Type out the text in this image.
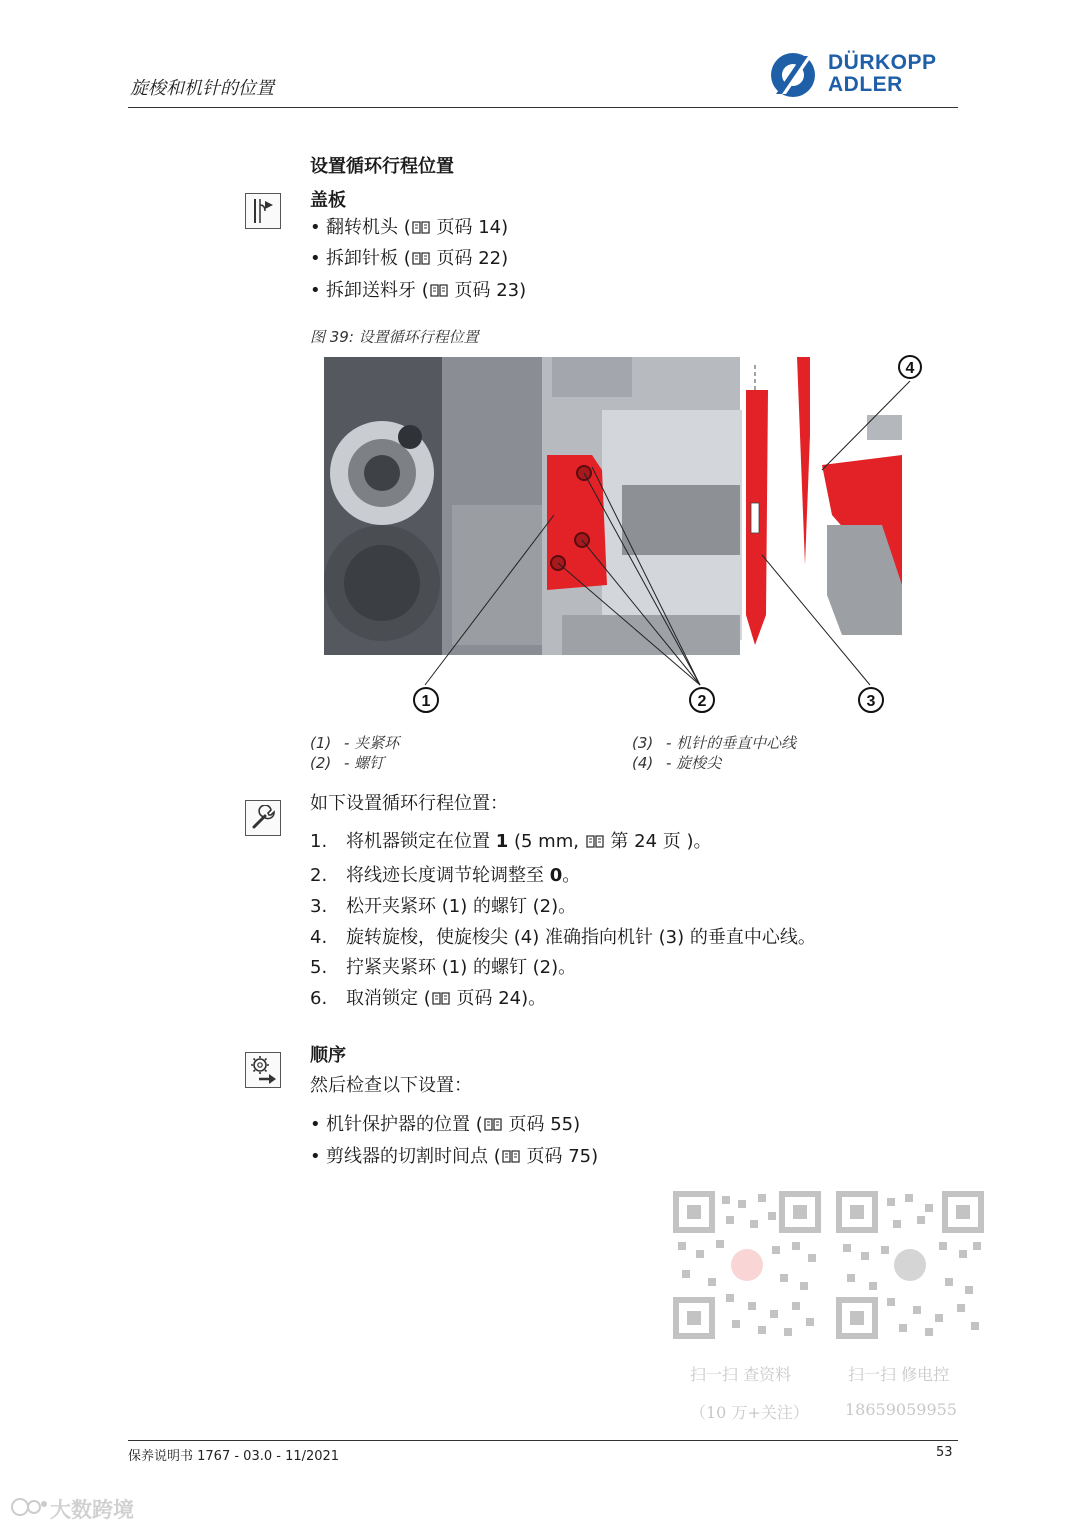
旋梭和机针的位置
DÜRKOPP
ADLER
设置循环行程位置
盖板
• 翻转机头 ( 页码 14)
• 拆卸针板 ( 页码 22)
• 拆卸送料牙 ( 页码 23)
图 39: 设置循环行程位置
1	2	3
4
(1) - 夹紧环
(2) - 螺钉
(3) - 机针的垂直中心线
(4) - 旋梭尖
如下设置循环行程位置：
1. 将机器锁定在位置 1 (5 mm,  第 24 页 )。
2. 将线迹长度调节轮调整至 0。
3. 松开夹紧环 (1) 的螺钉 (2)。
4. 旋转旋梭，使旋梭尖 (4) 准确指向机针 (3) 的垂直中心线。
5. 拧紧夹紧环 (1) 的螺钉 (2)。
6. 取消锁定 ( 页码 24)。
顺序
然后检查以下设置：
• 机针保护器的位置 ( 页码 55)
• 剪线器的切割时间点 ( 页码 75)
扫一扫 查资料
（10 万+关注）
扫一扫 修电控
18659059955
保养说明书 1767 - 03.0 - 11/2021	53
大数跨境
